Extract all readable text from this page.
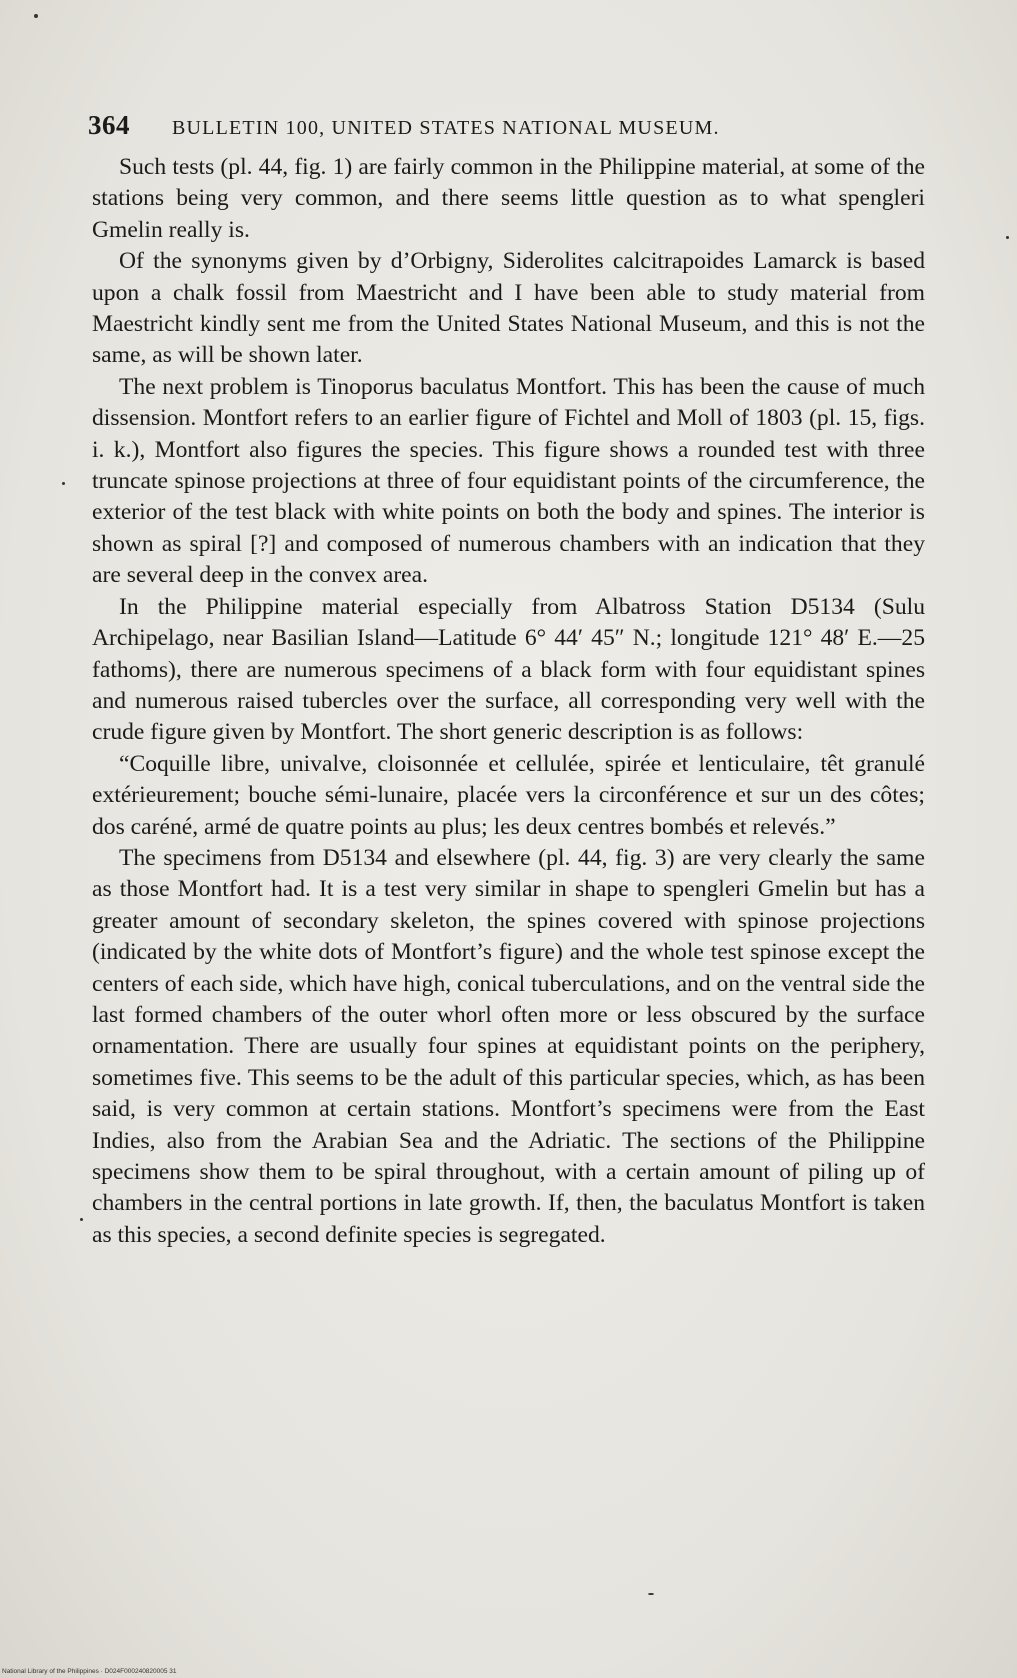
364 BULLETIN 100, UNITED STATES NATIONAL MUSEUM.

Such tests (pl. 44, fig. 1) are fairly common in the Philippine material, at some of the stations being very common, and there seems little question as to what spengleri Gmelin really is.

Of the synonyms given by d’Orbigny, Siderolites calcitrapoides Lamarck is based upon a chalk fossil from Maestricht and I have been able to study material from Maestricht kindly sent me from the United States National Museum, and this is not the same, as will be shown later.

The next problem is Tinoporus baculatus Montfort. This has been the cause of much dissension. Montfort refers to an earlier figure of Fichtel and Moll of 1803 (pl. 15, figs. i. k.), Montfort also figures the species. This figure shows a rounded test with three truncate spinose projections at three of four equidistant points of the circumference, the exterior of the test black with white points on both the body and spines. The interior is shown as spiral [?] and composed of numerous chambers with an indication that they are several deep in the convex area.

In the Philippine material especially from Albatross Station D5134 (Sulu Archipelago, near Basilian Island—Latitude 6° 44′ 45″ N.; longitude 121° 48′ E.—25 fathoms), there are numerous specimens of a black form with four equidistant spines and numerous raised tubercles over the surface, all corresponding very well with the crude figure given by Montfort. The short generic description is as follows:

“Coquille libre, univalve, cloisonnée et cellulée, spirée et lenticulaire, têt granulé extérieurement; bouche sémi-lunaire, placée vers la circonférence et sur un des côtes; dos caréné, armé de quatre points au plus; les deux centres bombés et relevés.”

The specimens from D5134 and elsewhere (pl. 44, fig. 3) are very clearly the same as those Montfort had. It is a test very similar in shape to spengleri Gmelin but has a greater amount of secondary skeleton, the spines covered with spinose projections (indicated by the white dots of Montfort’s figure) and the whole test spinose except the centers of each side, which have high, conical tuberculations, and on the ventral side the last formed chambers of the outer whorl often more or less obscured by the surface ornamentation. There are usually four spines at equidistant points on the periphery, sometimes five. This seems to be the adult of this particular species, which, as has been said, is very common at certain stations. Montfort’s specimens were from the East Indies, also from the Arabian Sea and the Adriatic. The sections of the Philippine specimens show them to be spiral throughout, with a certain amount of piling up of chambers in the central portions in late growth. If, then, the baculatus Montfort is taken as this species, a second definite species is segregated.

National Library of the Philippines · D024F000240820005 31
